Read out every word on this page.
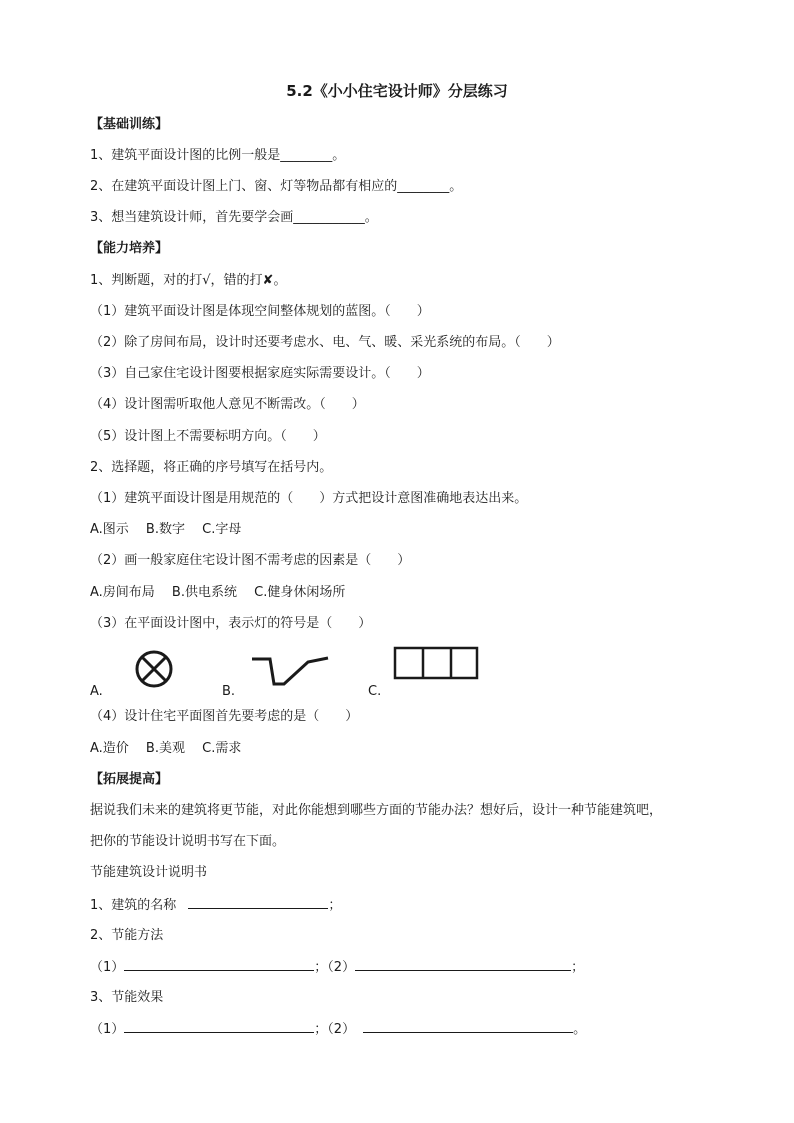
5.2《小小住宅设计师》分层练习
【基础训练】
1、建筑平面设计图的比例一般是________。
2、在建筑平面设计图上门、窗、灯等物品都有相应的________。
3、想当建筑设计师，首先要学会画___________。
【能力培养】
1、判断题，对的打√，错的打✘。
（1）建筑平面设计图是体现空间整体规划的蓝图。（　　）
（2）除了房间布局，设计时还要考虑水、电、气、暖、采光系统的布局。（　　）
（3）自己家住宅设计图要根据家庭实际需要设计。（　　）
（4）设计图需听取他人意见不断需改。（　　）
（5）设计图上不需要标明方向。（　　）
2、选择题，将正确的序号填写在括号内。
（1）建筑平面设计图是用规范的（　　）方式把设计意图准确地表达出来。
A.图示　 B.数字　 C.字母
（2）画一般家庭住宅设计图不需考虑的因素是（　　）
A.房间布局　 B.供电系统　 C.健身休闲场所
（3）在平面设计图中，表示灯的符号是（　　）
A.	B.	C.
（4）设计住宅平面图首先要考虑的是（　　）
A.造价　 B.美观　 C.需求
【拓展提高】
据说我们未来的建筑将更节能，对此你能想到哪些方面的节能办法？想好后，设计一种节能建筑吧，
把你的节能设计说明书写在下面。
节能建筑设计说明书
1、建筑的名称	；
2、节能方法
（1）	；（2）	；
3、节能效果
（1）	；（2）	。
